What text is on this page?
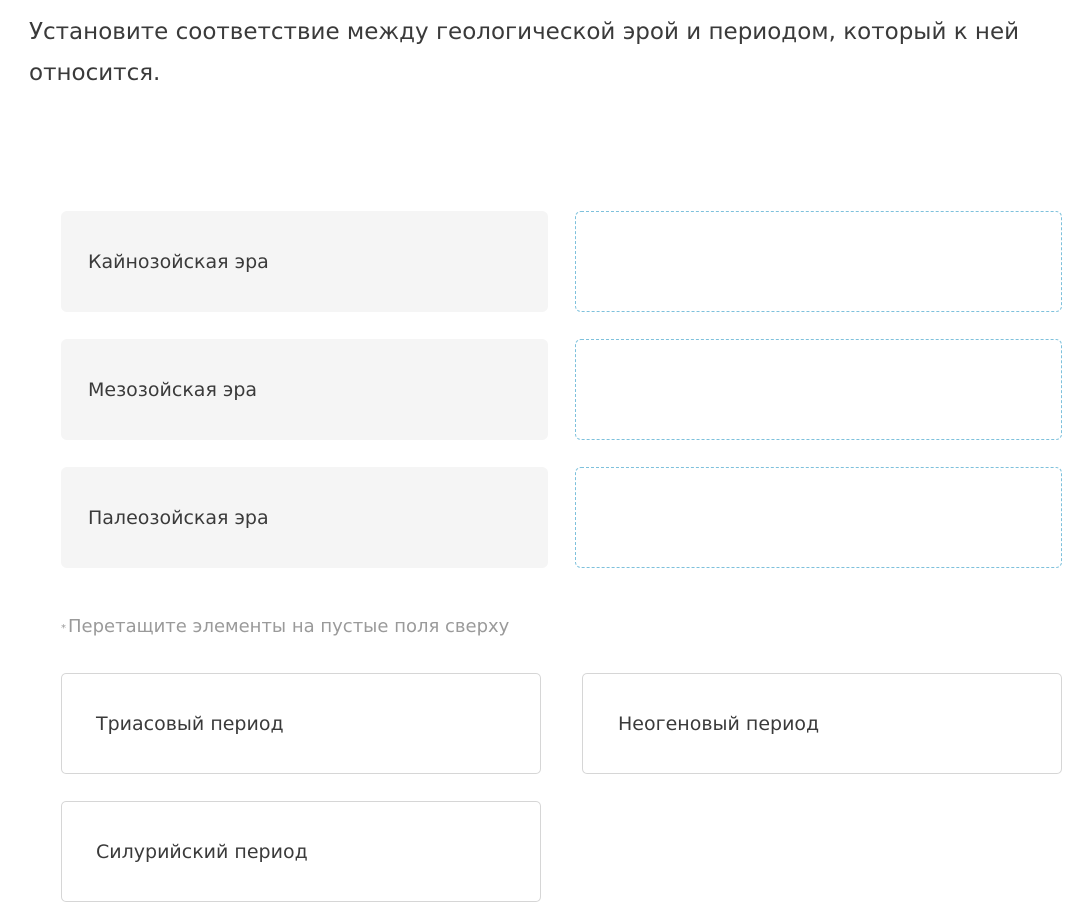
Установите соответствие между геологической эрой и периодом, который к ней относится.
Кайнозойская эра
Мезозойская эра
Палеозойская эра
* Перетащите элементы на пустые поля сверху
Триасовый период	Неогеновый период
Силурийский период
